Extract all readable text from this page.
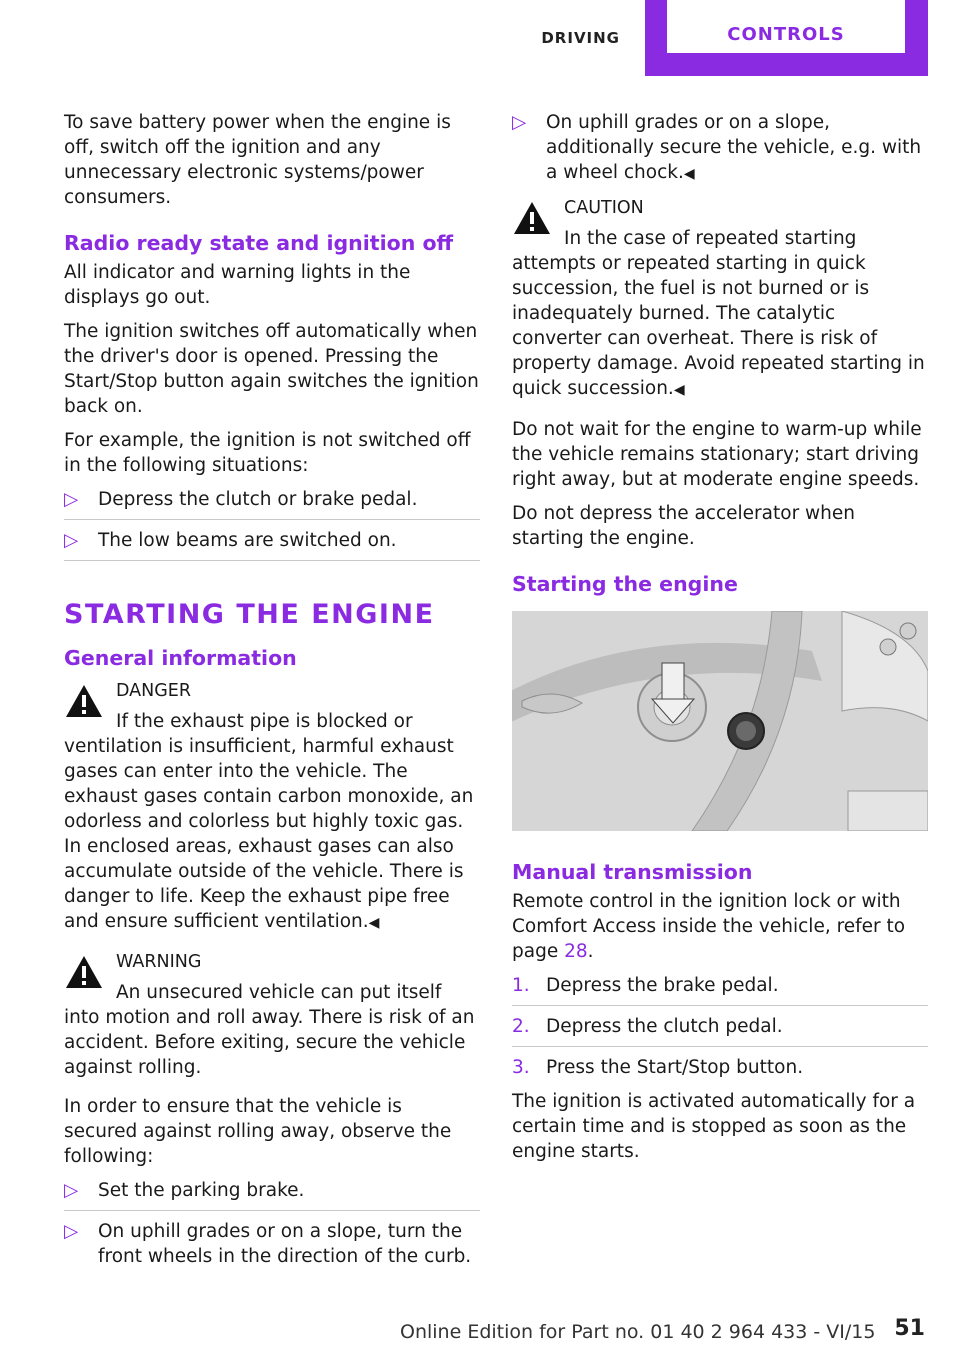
DRIVING	CONTROLS

To save battery power when the engine is off, switch off the ignition and any unnecessary electronic systems/power consumers.

Radio ready state and ignition off

All indicator and warning lights in the displays go out.

The ignition switches off automatically when the driver's door is opened. Pressing the Start/Stop button again switches the ignition back on.

For example, the ignition is not switched off in the following situations:

▷ Depress the clutch or brake pedal.
▷ The low beams are switched on.
STARTING THE ENGINE
General information
DANGER
If the exhaust pipe is blocked or ventilation is insufficient, harmful exhaust gases can enter into the vehicle. The exhaust gases contain carbon monoxide, an odorless and colorless but highly toxic gas. In enclosed areas, exhaust gases can also accumulate outside of the vehicle. There is danger to life. Keep the exhaust pipe free and ensure sufficient ventilation.◀
WARNING
An unsecured vehicle can put itself into motion and roll away. There is risk of an accident. Before exiting, secure the vehicle against rolling.

In order to ensure that the vehicle is secured against rolling away, observe the following:

▷ Set the parking brake.
▷ On uphill grades or on a slope, turn the front wheels in the direction of the curb.
▷ On uphill grades or on a slope, additionally secure the vehicle, e.g. with a wheel chock.◀
CAUTION
In the case of repeated starting attempts or repeated starting in quick succession, the fuel is not burned or is inadequately burned. The catalytic converter can overheat. There is risk of property damage. Avoid repeated starting in quick succession.◀

Do not wait for the engine to warm-up while the vehicle remains stationary; start driving right away, but at moderate engine speeds.

Do not depress the accelerator when starting the engine.

Starting the engine
Manual transmission

Remote control in the ignition lock or with Comfort Access inside the vehicle, refer to page 28.

1. Depress the brake pedal.
2. Depress the clutch pedal.
3. Press the Start/Stop button.

The ignition is activated automatically for a certain time and is stopped as soon as the engine starts.

Online Edition for Part no. 01 40 2 964 433 - VI/15 51
